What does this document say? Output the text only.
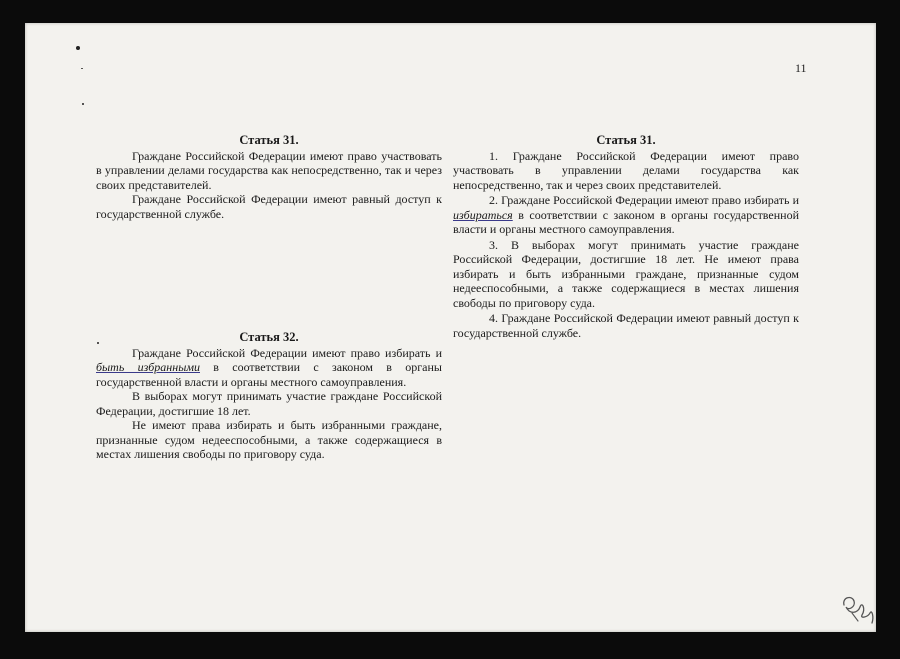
11
Статья 31.

Граждане Российской Федерации имеют право участвовать в управлении делами государства как непосредственно, так и через своих представителей.

Граждане Российской Федерации имеют равный доступ к государственной службе.

Статья 32.

Граждане Российской Федерации имеют право избирать и быть избранными в соответствии с законом в органы государственной власти и органы местного самоуправления.

В выборах могут принимать участие граждане Российской Федерации, достигшие 18 лет.

Не имеют права избирать и быть избранными граждане, признанные судом недееспособными, а также содержащиеся в местах лишения свободы по приговору суда.

Статья 31.

1. Граждане Российской Федерации имеют право участвовать в управлении делами государства как непосредственно, так и через своих представителей.

2. Граждане Российской Федерации имеют право избирать и избираться в соответствии с законом в органы государственной власти и органы местного самоуправления.

3. В выборах могут принимать участие граждане Российской Федерации, достигшие 18 лет. Не имеют права избирать и быть избранными граждане, признанные судом недееспособными, а также содержащиеся в местах лишения свободы по приговору суда.

4. Граждане Российской Федерации имеют равный доступ к государственной службе.
